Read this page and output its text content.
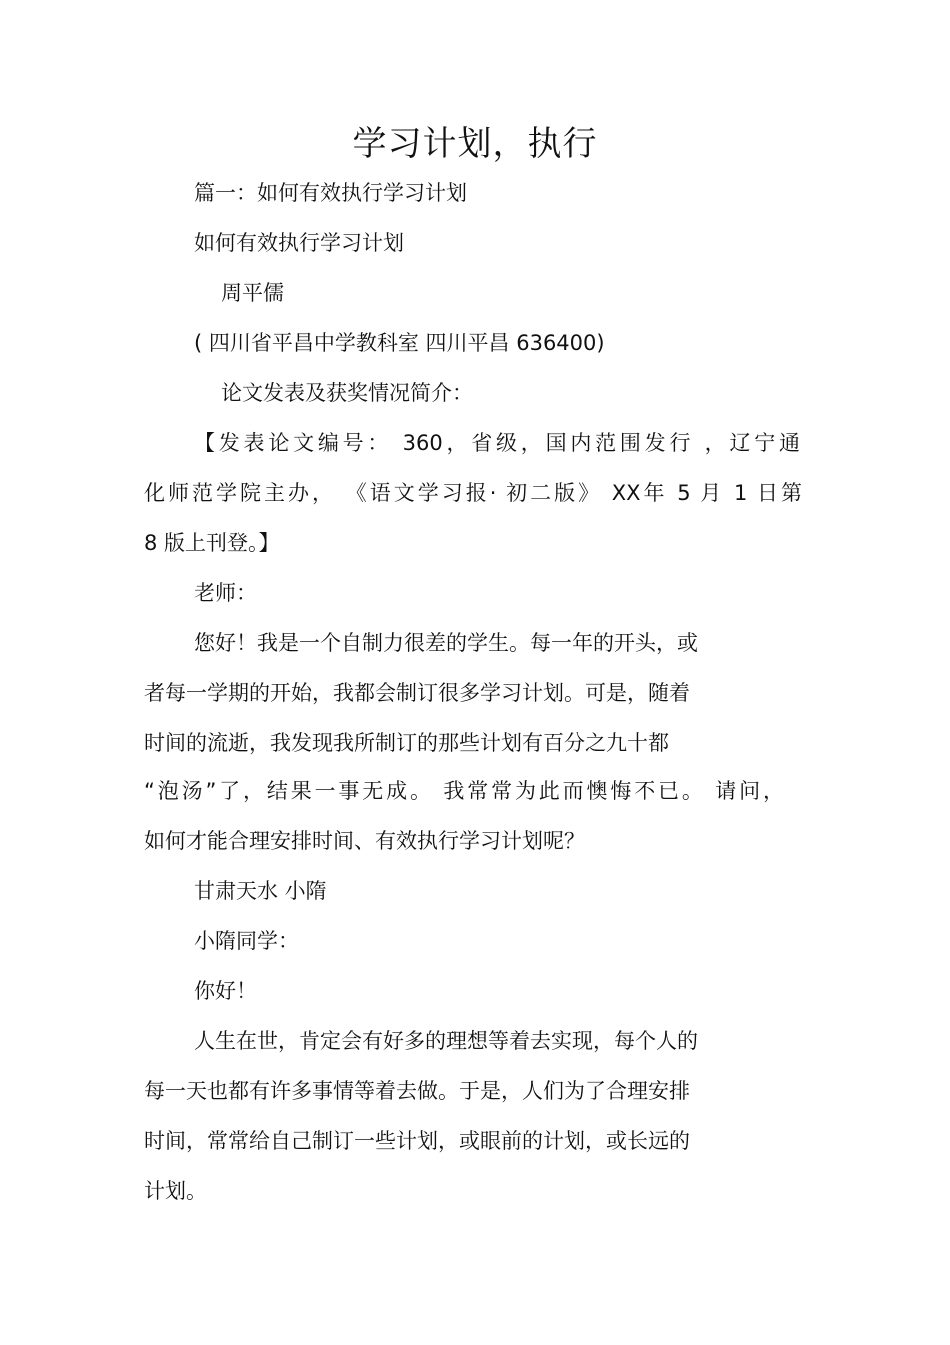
学习计划，执行
篇一：如何有效执行学习计划
如何有效执行学习计划
周平儒
( 四川省平昌中学教科室 四川平昌 636400)
论文发表及获奖情况简介：
【发表论文编号： 360，省级，国内范围发行 ，辽宁通
化师范学院主办， 《语文学习报· 初二版》 XX年 5 月 1 日第
8 版上刊登。】
老师：
您好！我是一个自制力很差的学生。每一年的开头，或
者每一学期的开始，我都会制订很多学习计划。可是，随着
时间的流逝，我发现我所制订的那些计划有百分之九十都
“泡汤”了，结果一事无成。 我常常为此而懊悔不已。 请问，
如何才能合理安排时间、有效执行学习计划呢？
甘肃天水 小隋
小隋同学：
你好！
人生在世，肯定会有好多的理想等着去实现，每个人的
每一天也都有许多事情等着去做。于是，人们为了合理安排
时间，常常给自己制订一些计划，或眼前的计划，或长远的
计划。
